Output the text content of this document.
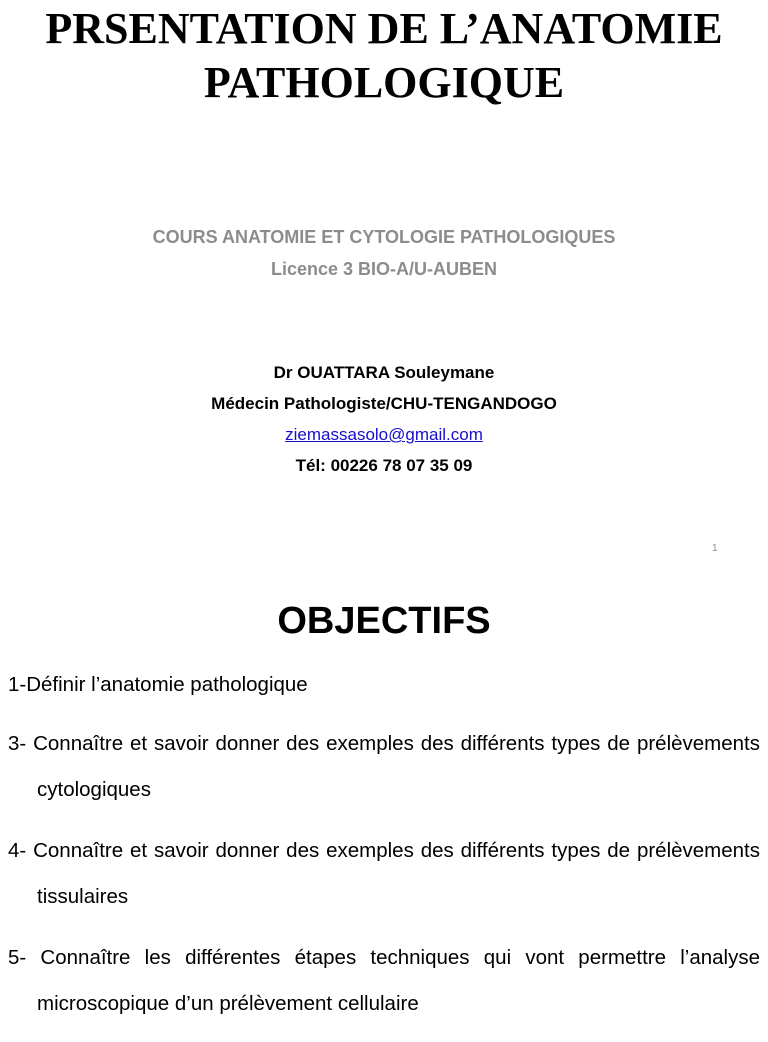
PRSENTATION DE L’ANATOMIE
PATHOLOGIQUE
COURS ANATOMIE ET CYTOLOGIE PATHOLOGIQUES
Licence 3 BIO-A/U-AUBEN
Dr OUATTARA Souleymane
Médecin Pathologiste/CHU-TENGANDOGO
ziemassasolo@gmail.com
Tél: 00226 78 07 35 09
1
OBJECTIFS
1-Définir l’anatomie pathologique
3- Connaître et savoir donner des exemples des différents types de prélèvements cytologiques
4- Connaître et savoir donner des exemples des différents types de prélèvements tissulaires
5- Connaître les différentes étapes techniques qui vont permettre l’analyse microscopique d’un prélèvement cellulaire
